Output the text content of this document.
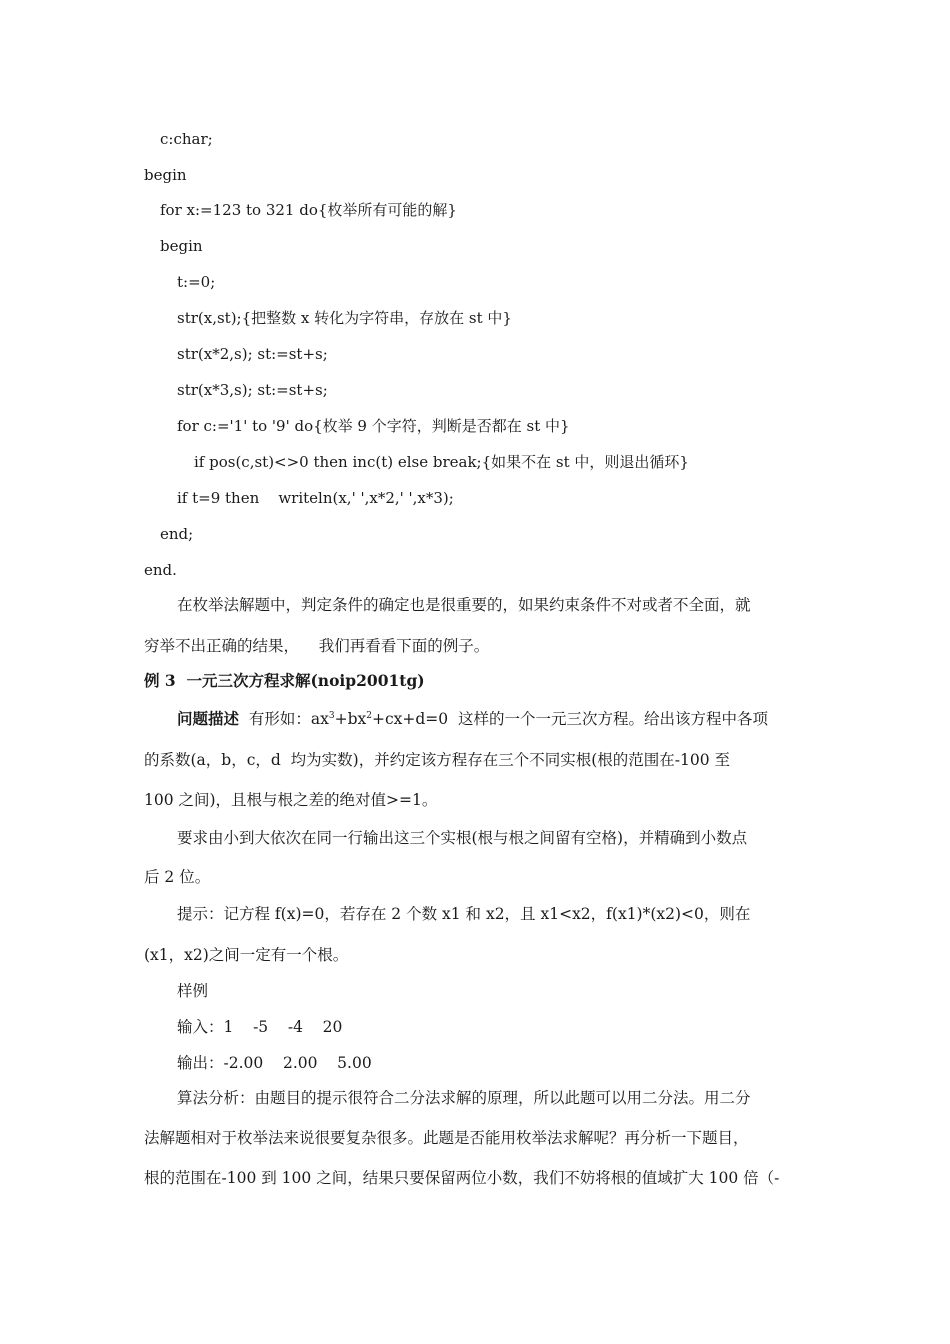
c:char;
begin
for x:=123 to 321 do{枚举所有可能的解}
begin
t:=0;
str(x,st);{把整数 x 转化为字符串，存放在 st 中}
str(x*2,s); st:=st+s;
str(x*3,s); st:=st+s;
for c:='1' to '9' do{枚举 9 个字符，判断是否都在 st 中}
if pos(c,st)<>0 then inc(t) else break;{如果不在 st 中，则退出循环}
if t=9 then    writeln(x,' ',x*2,' ',x*3);
end;
end.
在枚举法解题中，判定条件的确定也是很重要的，如果约束条件不对或者不全面，就
穷举不出正确的结果，    我们再看看下面的例子。
例 3  一元三次方程求解(noip2001tg)
问题描述  有形如：$ax^3+bx^2+cx+d=0$  这样的一个一元三次方程。给出该方程中各项
的系数(a，b，c，d  均为实数)，并约定该方程存在三个不同实根(根的范围在-100 至
100 之间)，且根与根之差的绝对值>=1。
要求由小到大依次在同一行输出这三个实根(根与根之间留有空格)，并精确到小数点
后 2 位。
提示：记方程 f(x)=0，若存在 2 个数 x1 和 x2，且 x1<x2，f(x1)*(x2)<0，则在
(x1，x2)之间一定有一个根。
样例
输入：1    -5    -4    20
输出：-2.00    2.00    5.00
算法分析：由题目的提示很符合二分法求解的原理，所以此题可以用二分法。用二分
法解题相对于枚举法来说很要复杂很多。此题是否能用枚举法求解呢？再分析一下题目，
根的范围在-100 到 100 之间，结果只要保留两位小数，我们不妨将根的值域扩大 100 倍（-
